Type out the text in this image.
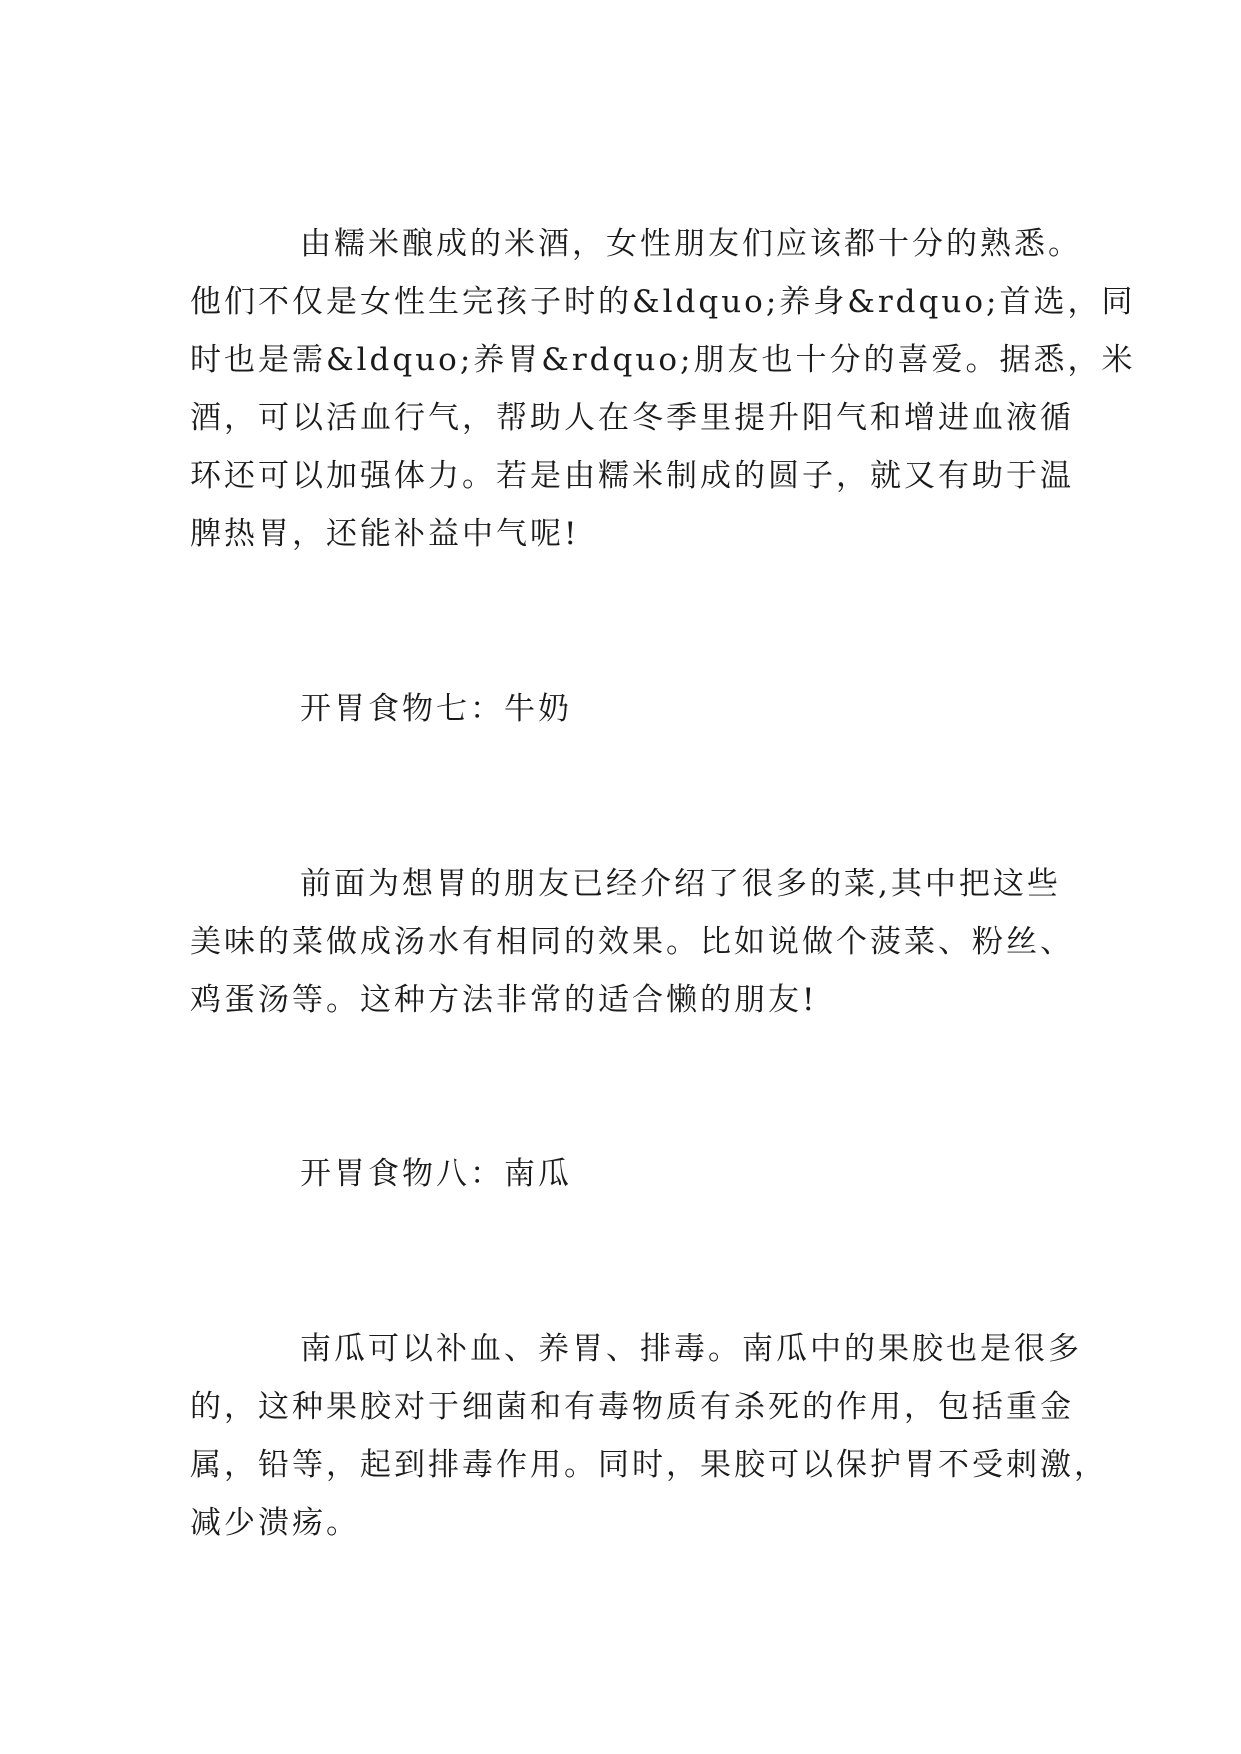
由糯米酿成的米酒，女性朋友们应该都十分的熟悉。
他们不仅是女性生完孩子时的&ldquo;养身&rdquo;首选，同
时也是需&ldquo;养胃&rdquo;朋友也十分的喜爱。据悉，米
酒，可以活血行气，帮助人在冬季里提升阳气和增进血液循
环还可以加强体力。若是由糯米制成的圆子，就又有助于温
脾热胃，还能补益中气呢!
开胃食物七：牛奶
前面为想胃的朋友已经介绍了很多的菜,其中把这些
美味的菜做成汤水有相同的效果。比如说做个菠菜、粉丝、
鸡蛋汤等。这种方法非常的适合懒的朋友!
开胃食物八：南瓜
南瓜可以补血、养胃、排毒。南瓜中的果胶也是很多
的，这种果胶对于细菌和有毒物质有杀死的作用，包括重金
属，铅等，起到排毒作用。同时，果胶可以保护胃不受刺激，
减少溃疡。
